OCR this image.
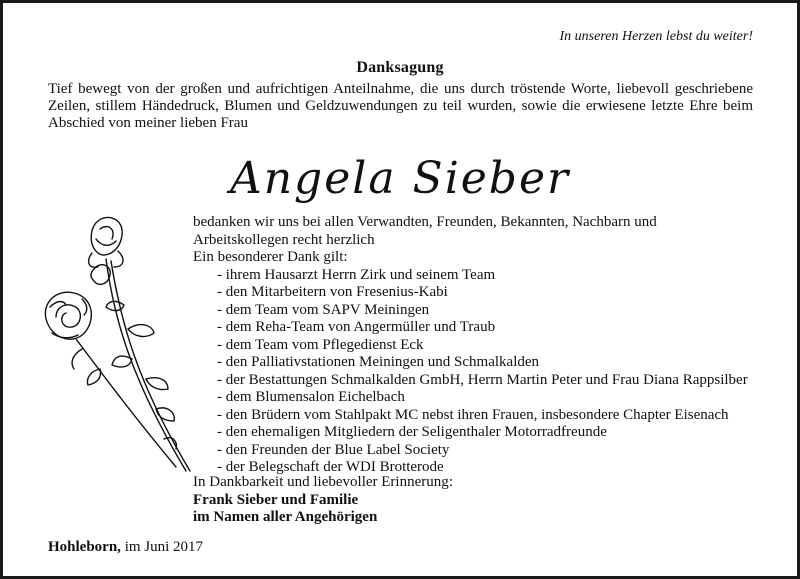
In unseren Herzen lebst du weiter!
Danksagung
Tief bewegt von der großen und aufrichtigen Anteilnahme, die uns durch tröstende Worte, liebevoll geschriebene Zeilen, stillem Händedruck, Blumen und Geldzuwendungen zu teil wurden, sowie die erwiesene letzte Ehre beim Abschied von meiner lieben Frau
Angela Sieber
bedanken wir uns bei allen Verwandten, Freunden, Bekannten, Nachbarn und
Arbeitskollegen recht herzlich
Ein besonderer Dank gilt:
- ihrem Hausarzt Herrn Zirk und seinem Team
- den Mitarbeitern von Fresenius-Kabi
- dem Team vom SAPV Meiningen
- dem Reha-Team von Angermüller und Traub
- dem Team vom Pflegedienst Eck
- den Palliativstationen Meiningen und Schmalkalden
- der Bestattungen Schmalkalden GmbH, Herrn Martin Peter und Frau Diana Rappsilber
- dem Blumensalon Eichelbach
- den Brüdern vom Stahlpakt MC nebst ihren Frauen, insbesondere Chapter Eisenach
- den ehemaligen Mitgliedern der Seligenthaler Motorradfreunde
- den Freunden der Blue Label Society
- der Belegschaft der WDI Brotterode
In Dankbarkeit und liebevoller Erinnerung:
Frank Sieber und Familie
im Namen aller Angehörigen
Hohleborn, im Juni 2017
